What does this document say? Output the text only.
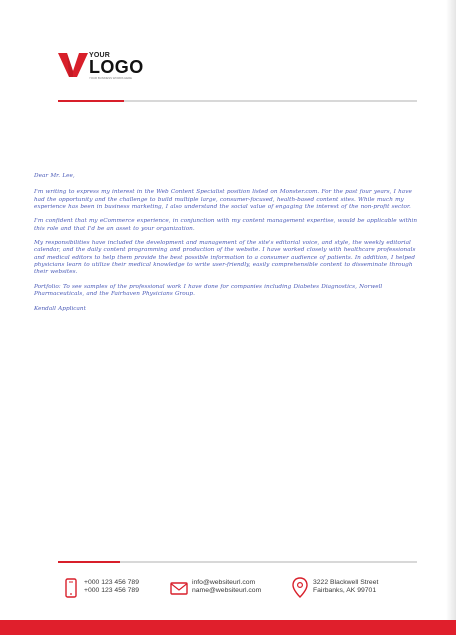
YOUR
LOGO
YOUR BUSINESS WORDS HERE

Dear Mr. Lee,

I'm writing to express my interest in the Web Content Specialist position listed on Monster.com. For the past four years, I have had the opportunity and the challenge to build multiple large, consumer-focused, health-based content sites. While much my experience has been in business marketing, I also understand the social value of engaging the interest of the non-profit sector.

I'm confident that my eCommerce experience, in conjunction with my content management expertise, would be applicable within this role and that I'd be an asset to your organization.

My responsibilities have included the development and management of the site's editorial voice, and style, the weekly editorial calendar, and the daily content programming and production of the website. I have worked closely with healthcare professionals and medical editors to help them provide the best possible information to a consumer audience of patients. In addition, I helped physicians learn to utilize their medical knowledge to write user-friendly, easily comprehensible content to disseminate through their websites.

Portfolio: To see samples of the professional work I have done for companies including Diabetes Diagnostics, Norwell Pharmaceuticals, and the Fairhaven Physicians Group.

Kendall Applicant

+000 123 456 789
+000 123 456 789
info@websiteurl.com
name@websiteurl.com
3222 Blackwell Street
Fairbanks, AK 99701
